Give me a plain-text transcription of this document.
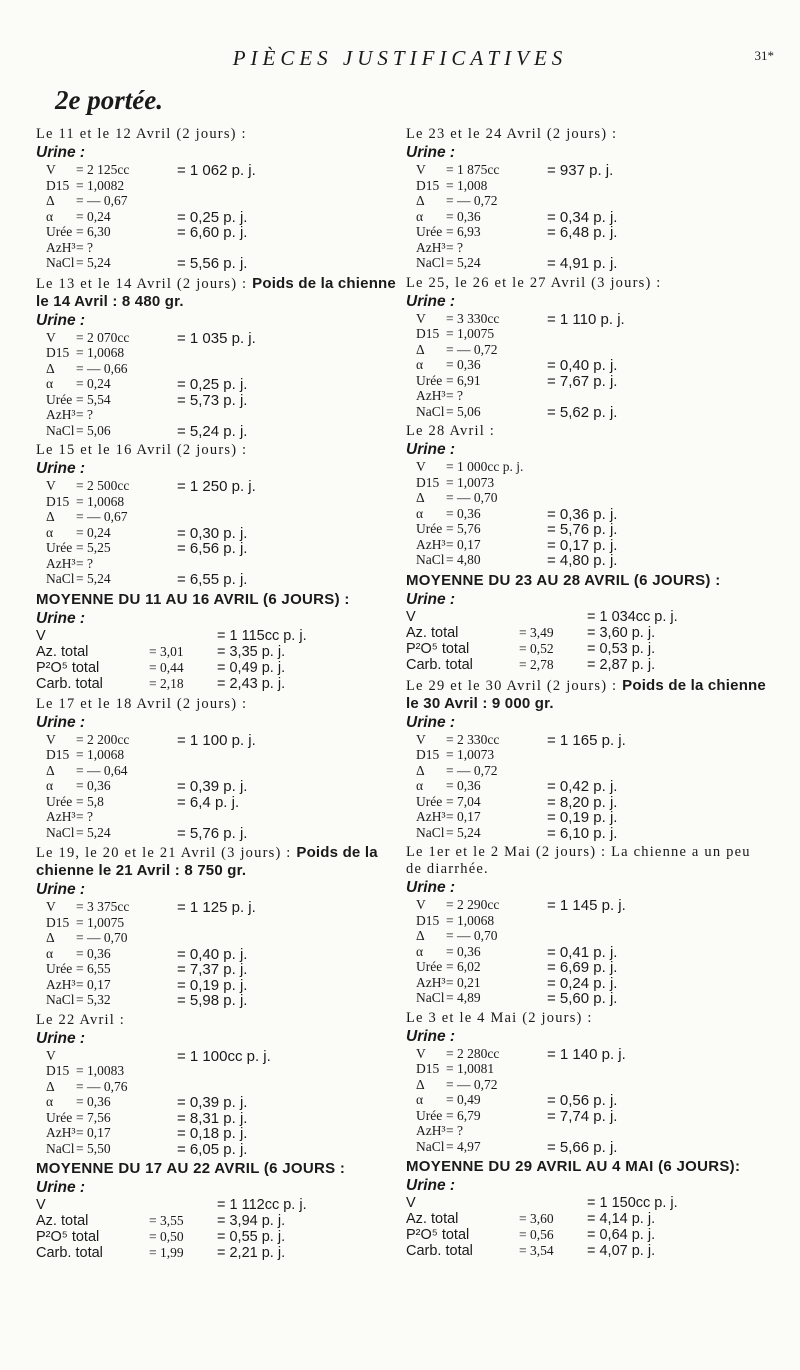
PIÈCES JUSTIFICATIVES	31*
2e portée.
Le 11 et le 12 Avril (2 jours) :
Urine :
V = 2 125cc	= 1 062 p. j.
D15 = 1,0082
Δ = — 0,67
α = 0,24	= 0,25 p. j.
Urée = 6,30	= 6,60 p. j.
AzH³ = ?
NaCl = 5,24	= 5,56 p. j.
Le 13 et le 14 Avril (2 jours) : Poids de la chienne le 14 Avril : 8 480 gr.
Urine :
V = 2 070cc	= 1 035 p. j.
D15 = 1,0068
Δ = — 0,66
α = 0,24	= 0,25 p. j.
Urée = 5,54	= 5,73 p. j.
AzH³ = ?
NaCl = 5,06	= 5,24 p. j.
Le 15 et le 16 Avril (2 jours) :
Urine :
V = 2 500cc	= 1 250 p. j.
D15 = 1,0068
Δ = — 0,67
α = 0,24	= 0,30 p. j.
Urée = 5,25	= 6,56 p. j.
AzH³ = ?
NaCl = 5,24	= 6,55 p. j.
MOYENNE DU 11 AU 16 AVRIL (6 JOURS) :
Urine :
V	= 1 115cc p. j.
Az. total	= 3,01 = 3,35 p. j.
P²O⁵ total	= 0,44 = 0,49 p. j.
Carb. total	= 2,18 = 2,43 p. j.
Le 17 et le 18 Avril (2 jours) :
Urine :
V = 2 200cc	= 1 100 p. j.
D15 = 1,0068
Δ = — 0,64
α = 0,36	= 0,39 p. j.
Urée = 5,8	= 6,4 p. j.
AzH³ = ?
NaCl = 5,24	= 5,76 p. j.
Le 19, le 20 et le 21 Avril (3 jours) : Poids de la chienne le 21 Avril : 8 750 gr.
Urine :
V = 3 375cc	= 1 125 p. j.
D15 = 1,0075
Δ = — 0,70
α = 0,36	= 0,40 p. j.
Urée = 6,55	= 7,37 p. j.
AzH³ = 0,17	= 0,19 p. j.
NaCl = 5,32	= 5,98 p. j.
Le 22 Avril :
Urine :
V	= 1 100cc p. j.
D15 = 1,0083
Δ = — 0,76
α = 0,36	= 0,39 p. j.
Urée = 7,56	= 8,31 p. j.
AzH³ = 0,17	= 0,18 p. j.
NaCl = 5,50	= 6,05 p. j.
MOYENNE DU 17 AU 22 AVRIL (6 JOURS :
Urine :
V	= 1 112cc p. j.
Az. total	= 3,55 = 3,94 p. j.
P²O⁵ total	= 0,50 = 0,55 p. j.
Carb. total	= 1,99 = 2,21 p. j.
Le 23 et le 24 Avril (2 jours) :
Urine :
V = 1 875cc	= 937 p. j.
D15 = 1,008
Δ = — 0,72
α = 0,36	= 0,34 p. j.
Urée = 6,93	= 6,48 p. j.
AzH³ = ?
NaCl = 5,24	= 4,91 p. j.
Le 25, le 26 et le 27 Avril (3 jours) :
Urine :
V = 3 330cc	= 1 110 p. j.
D15 = 1,0075
Δ = — 0,72
α = 0,36	= 0,40 p. j.
Urée = 6,91	= 7,67 p. j.
AzH³ = ?
NaCl = 5,06	= 5,62 p. j.
Le 28 Avril :
Urine :
V = 1 000cc p. j.
D15 = 1,0073
Δ = — 0,70
α = 0,36	= 0,36 p. j.
Urée = 5,76	= 5,76 p. j.
AzH³ = 0,17	= 0,17 p. j.
NaCl = 4,80	= 4,80 p. j.
MOYENNE DU 23 AU 28 AVRIL (6 JOURS) :
Urine :
V	= 1 034cc p. j.
Az. total	= 3,49 = 3,60 p. j.
P²O⁵ total	= 0,52 = 0,53 p. j.
Carb. total	= 2,78 = 2,87 p. j.
Le 29 et le 30 Avril (2 jours) : Poids de la chienne le 30 Avril : 9 000 gr.
Urine :
V = 2 330cc	= 1 165 p. j.
D15 = 1,0073
Δ = — 0,72
α = 0,36	= 0,42 p. j.
Urée = 7,04	= 8,20 p. j.
AzH³ = 0,17	= 0,19 p. j.
NaCl = 5,24	= 6,10 p. j.
Le 1er et le 2 Mai (2 jours) : La chienne a un peu de diarrhée.
Urine :
V = 2 290cc	= 1 145 p. j.
D15 = 1,0068
Δ = — 0,70
α = 0,36	= 0,41 p. j.
Urée = 6,02	= 6,69 p. j.
AzH³ = 0,21	= 0,24 p. j.
NaCl = 4,89	= 5,60 p. j.
Le 3 et le 4 Mai (2 jours) :
Urine :
V = 2 280cc	= 1 140 p. j.
D15 = 1,0081
Δ = — 0,72
α = 0,49	= 0,56 p. j.
Urée = 6,79	= 7,74 p. j.
AzH³ = ?
NaCl = 4,97	= 5,66 p. j.
MOYENNE DU 29 AVRIL AU 4 MAI (6 JOURS):
Urine :
V	= 1 150cc p. j.
Az. total	= 3,60 = 4,14 p. j.
P²O⁵ total	= 0,56 = 0,64 p. j.
Carb. total	= 3,54 = 4,07 p. j.
